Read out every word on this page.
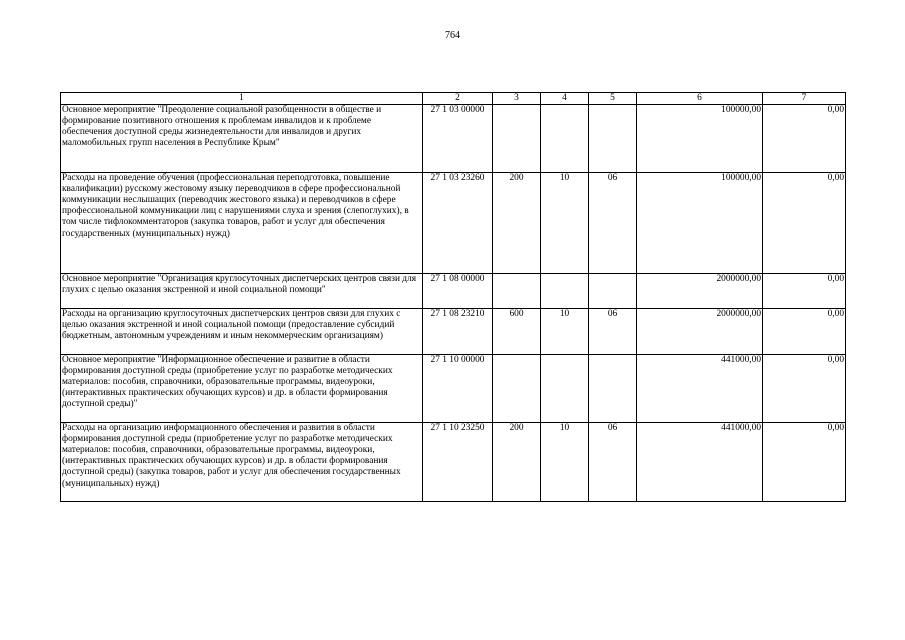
764
1	2	3	4	5	6	7
Основное мероприятие "Преодоление социальной разобщенности в обществе и формирование позитивного отношения к проблемам инвалидов и к проблеме обеспечения доступной среды жизнедеятельности для инвалидов и других маломобильных групп населения в Республике Крым"	27 1 03 00000				100000,00	0,00
Расходы на проведение обучения (профессиональная переподготовка, повышение квалификации) русскому жестовому языку переводчиков в сфере профессиональной коммуникации неслышащих (переводчик жестового языка) и переводчиков в сфере профессиональной коммуникации лиц с нарушениями слуха и зрения (слепоглухих), в том числе тифлокомментаторов (закупка товаров, работ и услуг для обеспечения государственных (муниципальных) нужд)	27 1 03 23260	200	10	06	100000,00	0,00
Основное мероприятие "Организация круглосуточных диспетчерских центров связи для глухих с целью оказания экстренной и иной социальной помощи"	27 1 08 00000				2000000,00	0,00
Расходы на организацию круглосуточных диспетчерских центров связи для глухих с целью оказания экстренной и иной социальной помощи (предоставление субсидий бюджетным, автономным учреждениям и иным некоммерческим организациям)	27 1 08 23210	600	10	06	2000000,00	0,00
Основное мероприятие "Информационное обеспечение и развитие в области формирования доступной среды (приобретение услуг по разработке методических материалов: пособия, справочники, образовательные программы, видеоуроки, (интерактивных практических обучающих курсов) и др. в области формирования доступной среды)"	27 1 10 00000				441000,00	0,00
Расходы на организацию информационного обеспечения и развития в области формирования доступной среды (приобретение услуг по разработке методических материалов: пособия, справочники, образовательные программы, видеоуроки, (интерактивных практических обучающих курсов) и др. в области формирования доступной среды) (закупка товаров, работ и услуг для обеспечения государственных (муниципальных) нужд)	27 1 10 23250	200	10	06	441000,00	0,00
